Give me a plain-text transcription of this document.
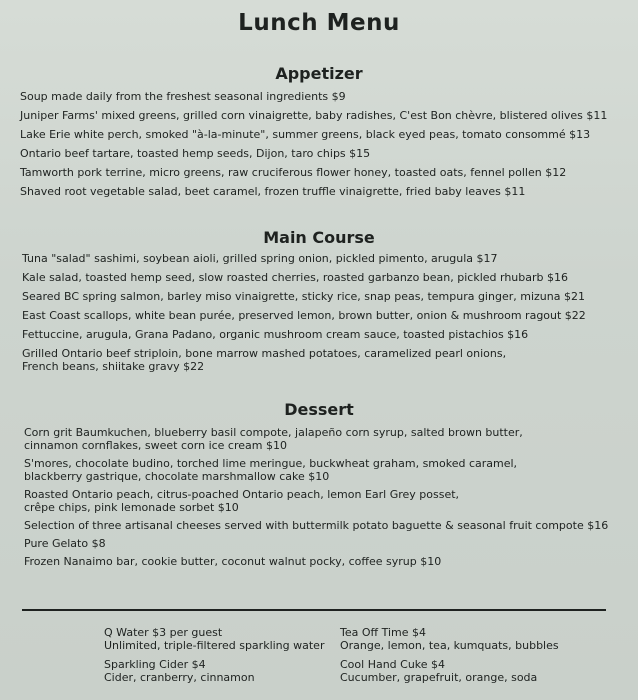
Lunch Menu
Appetizer
Soup made daily from the freshest seasonal ingredients $9
Juniper Farms' mixed greens, grilled corn vinaigrette, baby radishes, C'est Bon chèvre, blistered olives $11
Lake Erie white perch, smoked "à-la-minute", summer greens, black eyed peas, tomato consommé $13
Ontario beef tartare, toasted hemp seeds, Dijon, taro chips $15
Tamworth pork terrine, micro greens, raw cruciferous flower honey, toasted oats, fennel pollen $12
Shaved root vegetable salad, beet caramel, frozen truffle vinaigrette, fried baby leaves $11
Main Course
Tuna "salad" sashimi, soybean aioli, grilled spring onion, pickled pimento, arugula $17
Kale salad, toasted hemp seed, slow roasted cherries, roasted garbanzo bean, pickled rhubarb $16
Seared BC spring salmon, barley miso vinaigrette, sticky rice, snap peas, tempura ginger, mizuna $21
East Coast scallops, white bean purée, preserved lemon, brown butter, onion & mushroom ragout $22
Fettuccine, arugula, Grana Padano, organic mushroom cream sauce, toasted pistachios $16
Grilled Ontario beef striploin, bone marrow mashed potatoes, caramelized pearl onions,
French beans, shiitake gravy $22
Dessert
Corn grit Baumkuchen, blueberry basil compote, jalapeño corn syrup, salted brown butter,
cinnamon cornflakes, sweet corn ice cream $10
S'mores, chocolate budino, torched lime meringue, buckwheat graham, smoked caramel,
blackberry gastrique, chocolate marshmallow cake $10
Roasted Ontario peach, citrus-poached Ontario peach, lemon Earl Grey posset,
crêpe chips, pink lemonade sorbet $10
Selection of three artisanal cheeses served with buttermilk potato baguette & seasonal fruit compote $16
Pure Gelato $8
Frozen Nanaimo bar, cookie butter, coconut walnut pocky, coffee syrup $10
Q Water $3 per guest
Unlimited, triple-filtered sparkling water
Sparkling Cider $4
Cider, cranberry, cinnamon
Tea Off Time $4
Orange, lemon, tea, kumquats, bubbles
Cool Hand Cuke $4
Cucumber, grapefruit, orange, soda
